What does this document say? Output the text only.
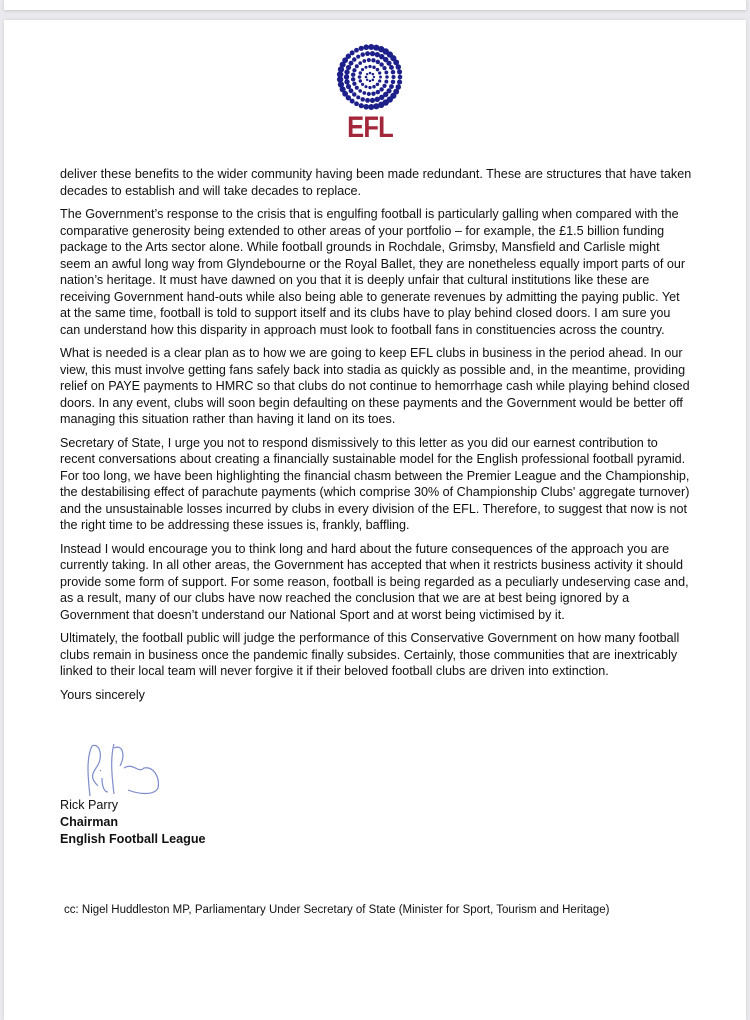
EFL
deliver these benefits to the wider community having been made redundant. These are structures that have taken
decades to establish and will take decades to replace.
The Government’s response to the crisis that is engulfing football is particularly galling when compared with the
comparative generosity being extended to other areas of your portfolio – for example, the £1.5 billion funding
package to the Arts sector alone. While football grounds in Rochdale, Grimsby, Mansfield and Carlisle might
seem an awful long way from Glyndebourne or the Royal Ballet, they are nonetheless equally import parts of our
nation’s heritage. It must have dawned on you that it is deeply unfair that cultural institutions like these are
receiving Government hand-outs while also being able to generate revenues by admitting the paying public. Yet
at the same time, football is told to support itself and its clubs have to play behind closed doors. I am sure you
can understand how this disparity in approach must look to football fans in constituencies across the country.
What is needed is a clear plan as to how we are going to keep EFL clubs in business in the period ahead. In our
view, this must involve getting fans safely back into stadia as quickly as possible and, in the meantime, providing
relief on PAYE payments to HMRC so that clubs do not continue to hemorrhage cash while playing behind closed
doors. In any event, clubs will soon begin defaulting on these payments and the Government would be better off
managing this situation rather than having it land on its toes.
Secretary of State, I urge you not to respond dismissively to this letter as you did our earnest contribution to
recent conversations about creating a financially sustainable model for the English professional football pyramid.
For too long, we have been highlighting the financial chasm between the Premier League and the Championship,
the destabilising effect of parachute payments (which comprise 30% of Championship Clubs' aggregate turnover)
and the unsustainable losses incurred by clubs in every division of the EFL. Therefore, to suggest that now is not
the right time to be addressing these issues is, frankly, baffling.
Instead I would encourage you to think long and hard about the future consequences of the approach you are
currently taking. In all other areas, the Government has accepted that when it restricts business activity it should
provide some form of support. For some reason, football is being regarded as a peculiarly undeserving case and,
as a result, many of our clubs have now reached the conclusion that we are at best being ignored by a
Government that doesn’t understand our National Sport and at worst being victimised by it.
Ultimately, the football public will judge the performance of this Conservative Government on how many football
clubs remain in business once the pandemic finally subsides. Certainly, those communities that are inextricably
linked to their local team will never forgive it if their beloved football clubs are driven into extinction.
Yours sincerely
Rick Parry
Chairman
English Football League
cc: Nigel Huddleston MP, Parliamentary Under Secretary of State (Minister for Sport, Tourism and Heritage)
